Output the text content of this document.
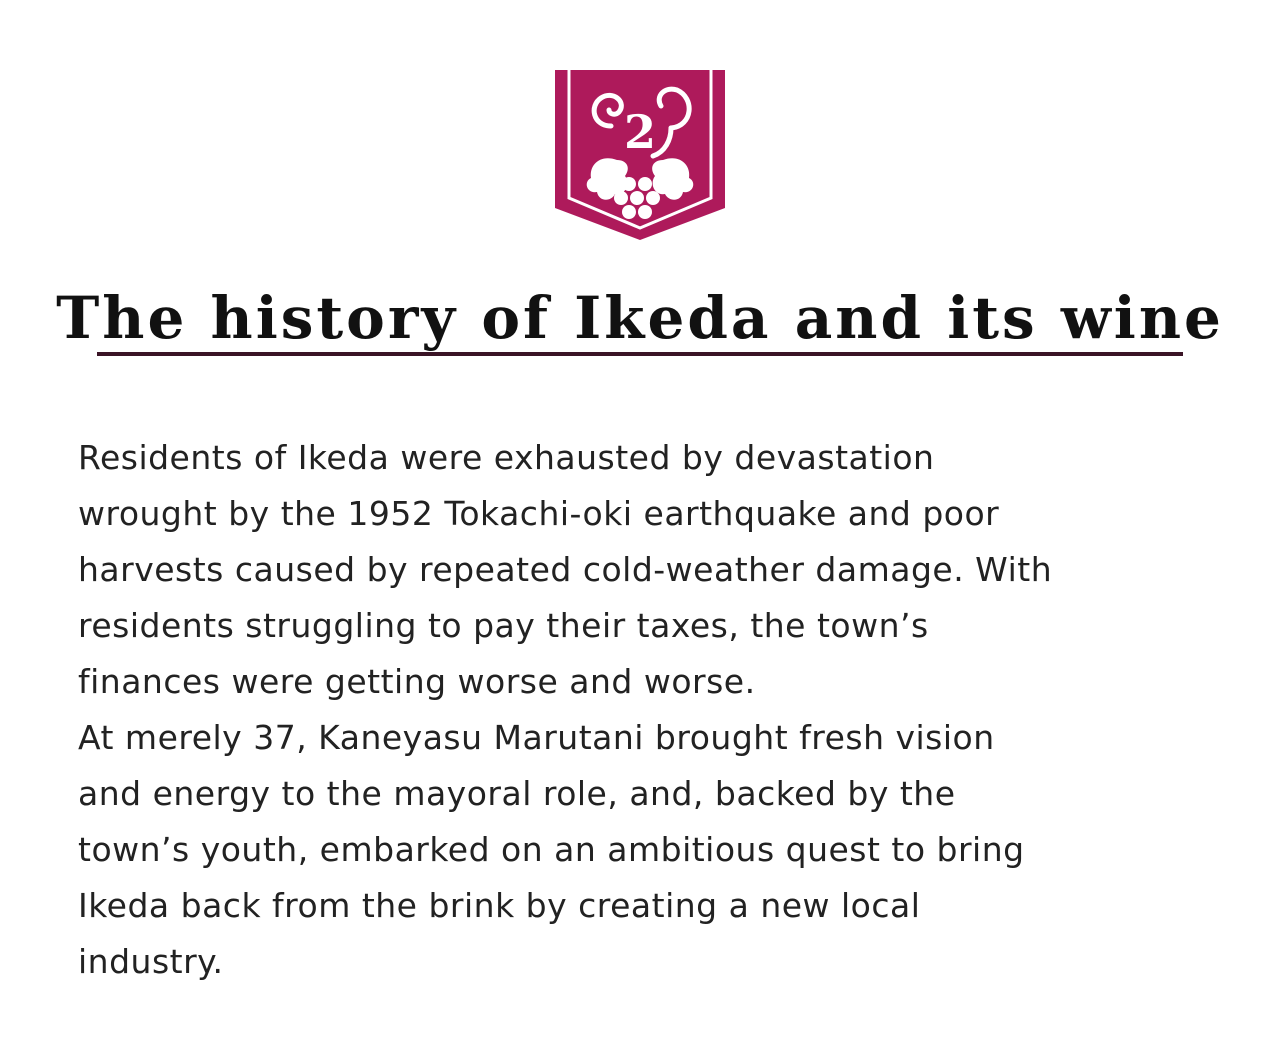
2
The history of Ikeda and its wine

Residents of Ikeda were exhausted by devastation
wrought by the 1952 Tokachi-oki earthquake and poor
harvests caused by repeated cold-weather damage. With
residents struggling to pay their taxes, the town’s
finances were getting worse and worse.

At merely 37, Kaneyasu Marutani brought fresh vision
and energy to the mayoral role, and, backed by the
town’s youth, embarked on an ambitious quest to bring
Ikeda back from the brink by creating a new local
industry.
